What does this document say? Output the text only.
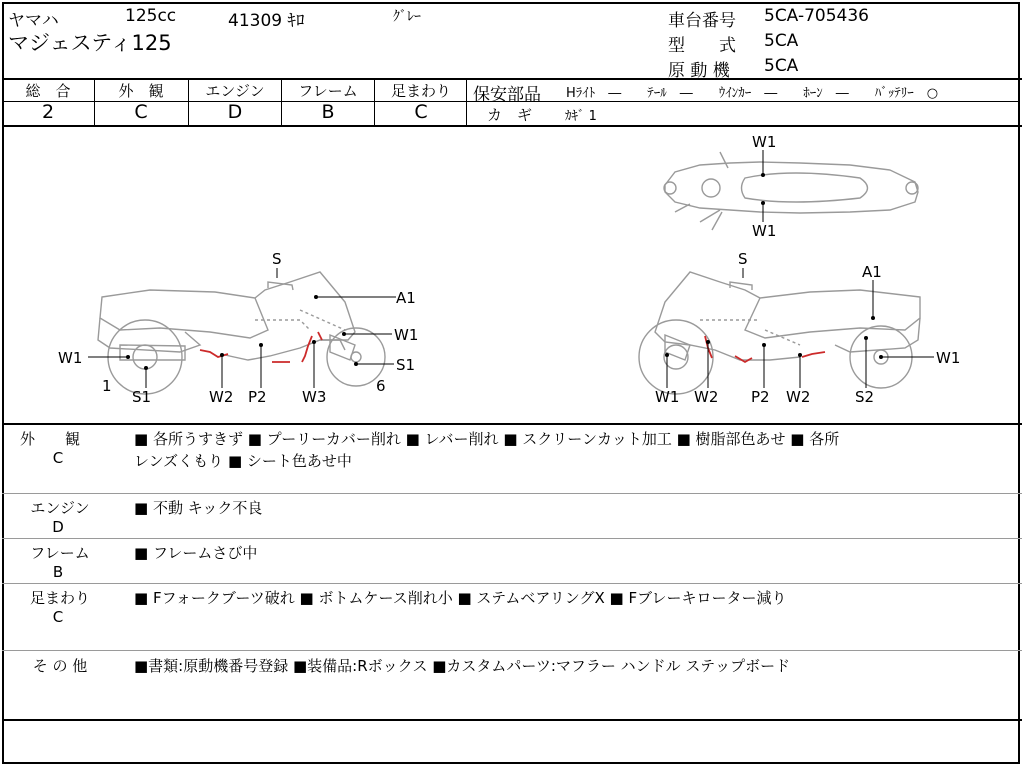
ヤマハ	125cc	41309 ｷﾛ	ｸﾞﾚｰ
マジェスティ125
車台番号 5CA-705436
型　　式 5CA
原 動 機 5CA
総　合
2
外　観
C
エンジン
D
フレーム
B
足まわり
C
保安部品 Hﾗｲﾄ　―　　ﾃｰﾙ　―　　ｳｲﾝｶｰ　―　　ﾎｰﾝ　―　　ﾊﾞｯﾃﾘｰ　○
カ　ギ	ｶｷﾞ 1
S
A1
W1
S1
6
W1
1
S1	W2 P2 W3
S
A1
W1
W1 W2 P2 W2	S2
W1
W1
外　　観
C
■ 各所うすきず ■ プーリーカバー削れ ■ レバー削れ ■ スクリーンカット加工 ■ 樹脂部色あせ ■ 各所
レンズくもり ■ シート色あせ中
エンジン
D
■ 不動 キック不良
フレーム
B
■ フレームさび中
足まわり
C
■ Fフォークブーツ破れ ■ ボトムケース削れ小 ■ ステムベアリングX ■ Fブレーキローター減り
そ の 他	■書類:原動機番号登録 ■装備品:Rボックス ■カスタムパーツ:マフラー ハンドル ステップボード
